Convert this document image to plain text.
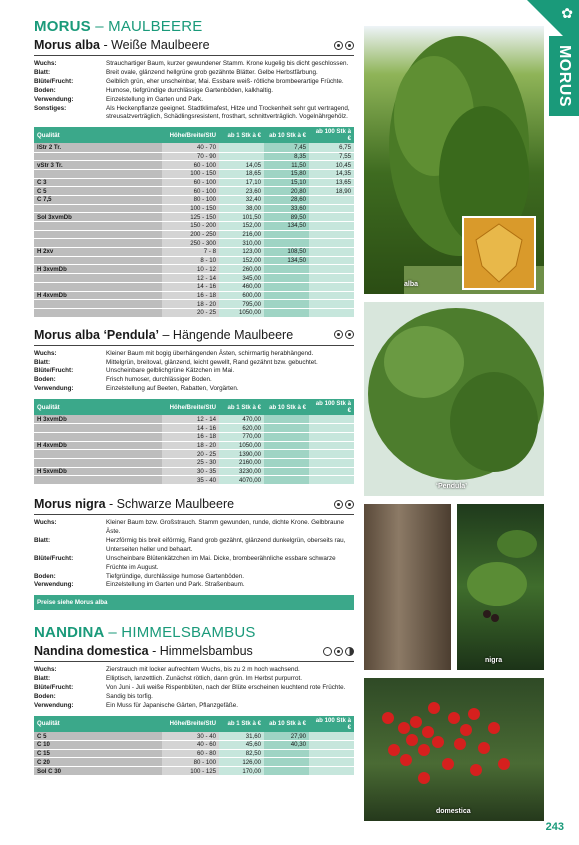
MORUS – MAULBEERE
Morus alba - Weiße Maulbeere
Wuchs:	Strauchartiger Baum, kurzer gewundener Stamm. Krone kugelig bis dicht geschlossen.
Blatt:	Breit ovale, glänzend hellgrüne grob gezähnte Blätter. Gelbe Herbstfärbung.
Blüte/Frucht:	Gelblich grün, eher unscheinbar, Mai. Essbare weiß- rötliche brombeerartige Früchte.
Boden:	Humose, tiefgründige durchlässige Gartenböden, kalkhaltig.
Verwendung:	Einzelstellung im Garten und Park.
Sonstiges:	Als Heckenpflanze geeignet. Stadtklimafest, Hitze und Trockenheit sehr gut vertragend, streusalzverträglich, Schädlingsresistent, frosthart, schnittverträglich. Vogelnährgehölz.
Qualität	Höhe/Breite/StU	ab 1 Stk à €	ab 10 Stk à €	ab 100 Stk à €
lStr 2 Tr.	40 - 70		7,45	6,75
	70 - 90		8,35	7,55
vStr 3 Tr.	60 - 100	14,05	11,50	10,45
	100 - 150	18,65	15,80	14,35
C 3	60 - 100	17,10	15,10	13,65
C 5	60 - 100	23,60	20,80	18,90
C 7,5	80 - 100	32,40	28,60	
	100 - 150	38,00	33,60	
Sol 3xvmDb	125 - 150	101,50	89,50	
	150 - 200	152,00	134,50	
	200 - 250	216,00		
	250 - 300	310,00		
H 2xv	7 - 8	123,00	108,50	
	8 - 10	152,00	134,50	
H 3xvmDb	10 - 12	260,00		
	12 - 14	345,00		
	14 - 16	460,00		
H 4xvmDb	16 - 18	600,00		
	18 - 20	795,00		
	20 - 25	1050,00		
Morus alba ‘Pendula’ – Hängende Maulbeere
Wuchs:	Kleiner Baum mit bogig überhängenden Ästen, schirmartig herabhängend.
Blatt:	Mittelgrün, breitoval, glänzend, leicht gewellt, Rand gezähnt bzw. gebuchtet.
Blüte/Frucht:	Unscheinbare gelblichgrüne Kätzchen im Mai.
Boden:	Frisch humoser, durchlässiger Boden.
Verwendung:	Einzelstellung auf Beeten, Rabatten, Vorgärten.
Qualität	Höhe/Breite/StU	ab 1 Stk à €	ab 10 Stk à €	ab 100 Stk à €
H 3xvmDb	12 - 14	470,00		
	14 - 16	620,00		
	16 - 18	770,00		
H 4xvmDb	18 - 20	1050,00		
	20 - 25	1390,00		
	25 - 30	2160,00		
H 5xvmDb	30 - 35	3230,00		
	35 - 40	4070,00		
Morus nigra - Schwarze Maulbeere
Wuchs:	Kleiner Baum bzw. Großstrauch. Stamm gewunden, runde, dichte Krone. Gelbbraune Äste.
Blatt:	Herzförmig bis breit eiförmig, Rand grob gezähnt, glänzend dunkelgrün, oberseits rau, Unterseiten heller und behaart.
Blüte/Frucht:	Unscheinbare Blütenkätzchen im Mai. Dicke, brombeerähnliche essbare schwarze Früchte im August.
Boden:	Tiefgründige, durchlässige humose Gartenböden.
Verwendung:	Einzelstellung im Garten und Park. Straßenbaum.
Preise siehe Morus alba
NANDINA – HIMMELSBAMBUS
Nandina domestica - Himmelsbambus
Wuchs:	Zierstrauch mit locker aufrechtem Wuchs, bis zu 2 m hoch wachsend.
Blatt:	Elliptisch, lanzettlich. Zunächst rötlich, dann grün. Im Herbst purpurrot.
Blüte/Frucht:	Von Juni - Juli weiße Rispenblüten, nach der Blüte erscheinen leuchtend rote Früchte.
Boden:	Sandig bis torfig.
Verwendung:	Ein Muss für Japanische Gärten, Pflanzgefäße.
Qualität	Höhe/Breite/StU	ab 1 Stk à €	ab 10 Stk à €	ab 100 Stk à €
C 5	30 - 40	31,60	27,90	
C 10	40 - 60	45,60	40,30	
C 15	60 - 80	82,50		
C 20	80 - 100	126,00		
Sol C 30	100 - 125	170,00		
alba
‘Pendula’
nigra
domestica
✿
MORUS
243
